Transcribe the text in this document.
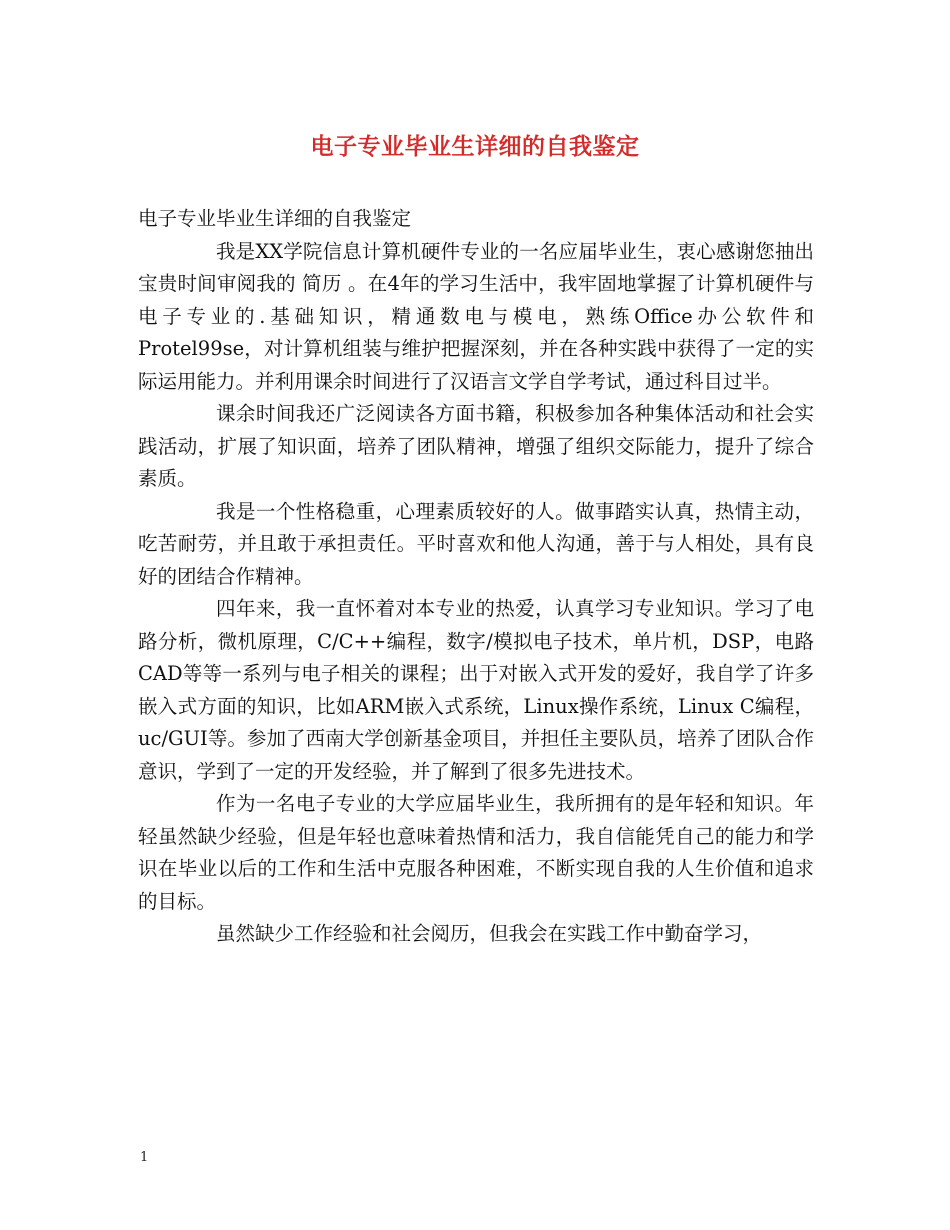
电子专业毕业生详细的自我鉴定

电子专业毕业生详细的自我鉴定

我是XX学院信息计算机硬件专业的一名应届毕业生，衷心感谢您抽出宝贵时间审阅我的 简历 。在4年的学习生活中，我牢固地掌握了计算机硬件与电子专业的.基础知识，精通数电与模电，熟练Office办公软件和Protel99se，对计算机组装与维护把握深刻，并在各种实践中获得了一定的实际运用能力。并利用课余时间进行了汉语言文学自学考试，通过科目过半。

课余时间我还广泛阅读各方面书籍，积极参加各种集体活动和社会实践活动，扩展了知识面，培养了团队精神，增强了组织交际能力，提升了综合素质。

我是一个性格稳重，心理素质较好的人。做事踏实认真，热情主动，吃苦耐劳，并且敢于承担责任。平时喜欢和他人沟通，善于与人相处，具有良好的团结合作精神。

四年来，我一直怀着对本专业的热爱，认真学习专业知识。学习了电路分析，微机原理，C/C++编程，数字/模拟电子技术，单片机，DSP，电路CAD等等一系列与电子相关的课程；出于对嵌入式开发的爱好，我自学了许多嵌入式方面的知识，比如ARM嵌入式系统，Linux操作系统，Linux C编程，uc/GUI等。参加了西南大学创新基金项目，并担任主要队员，培养了团队合作意识，学到了一定的开发经验，并了解到了很多先进技术。

作为一名电子专业的大学应届毕业生，我所拥有的是年轻和知识。年轻虽然缺少经验，但是年轻也意味着热情和活力，我自信能凭自己的能力和学识在毕业以后的工作和生活中克服各种困难，不断实现自我的人生价值和追求的目标。

虽然缺少工作经验和社会阅历，但我会在实践工作中勤奋学习，

1
